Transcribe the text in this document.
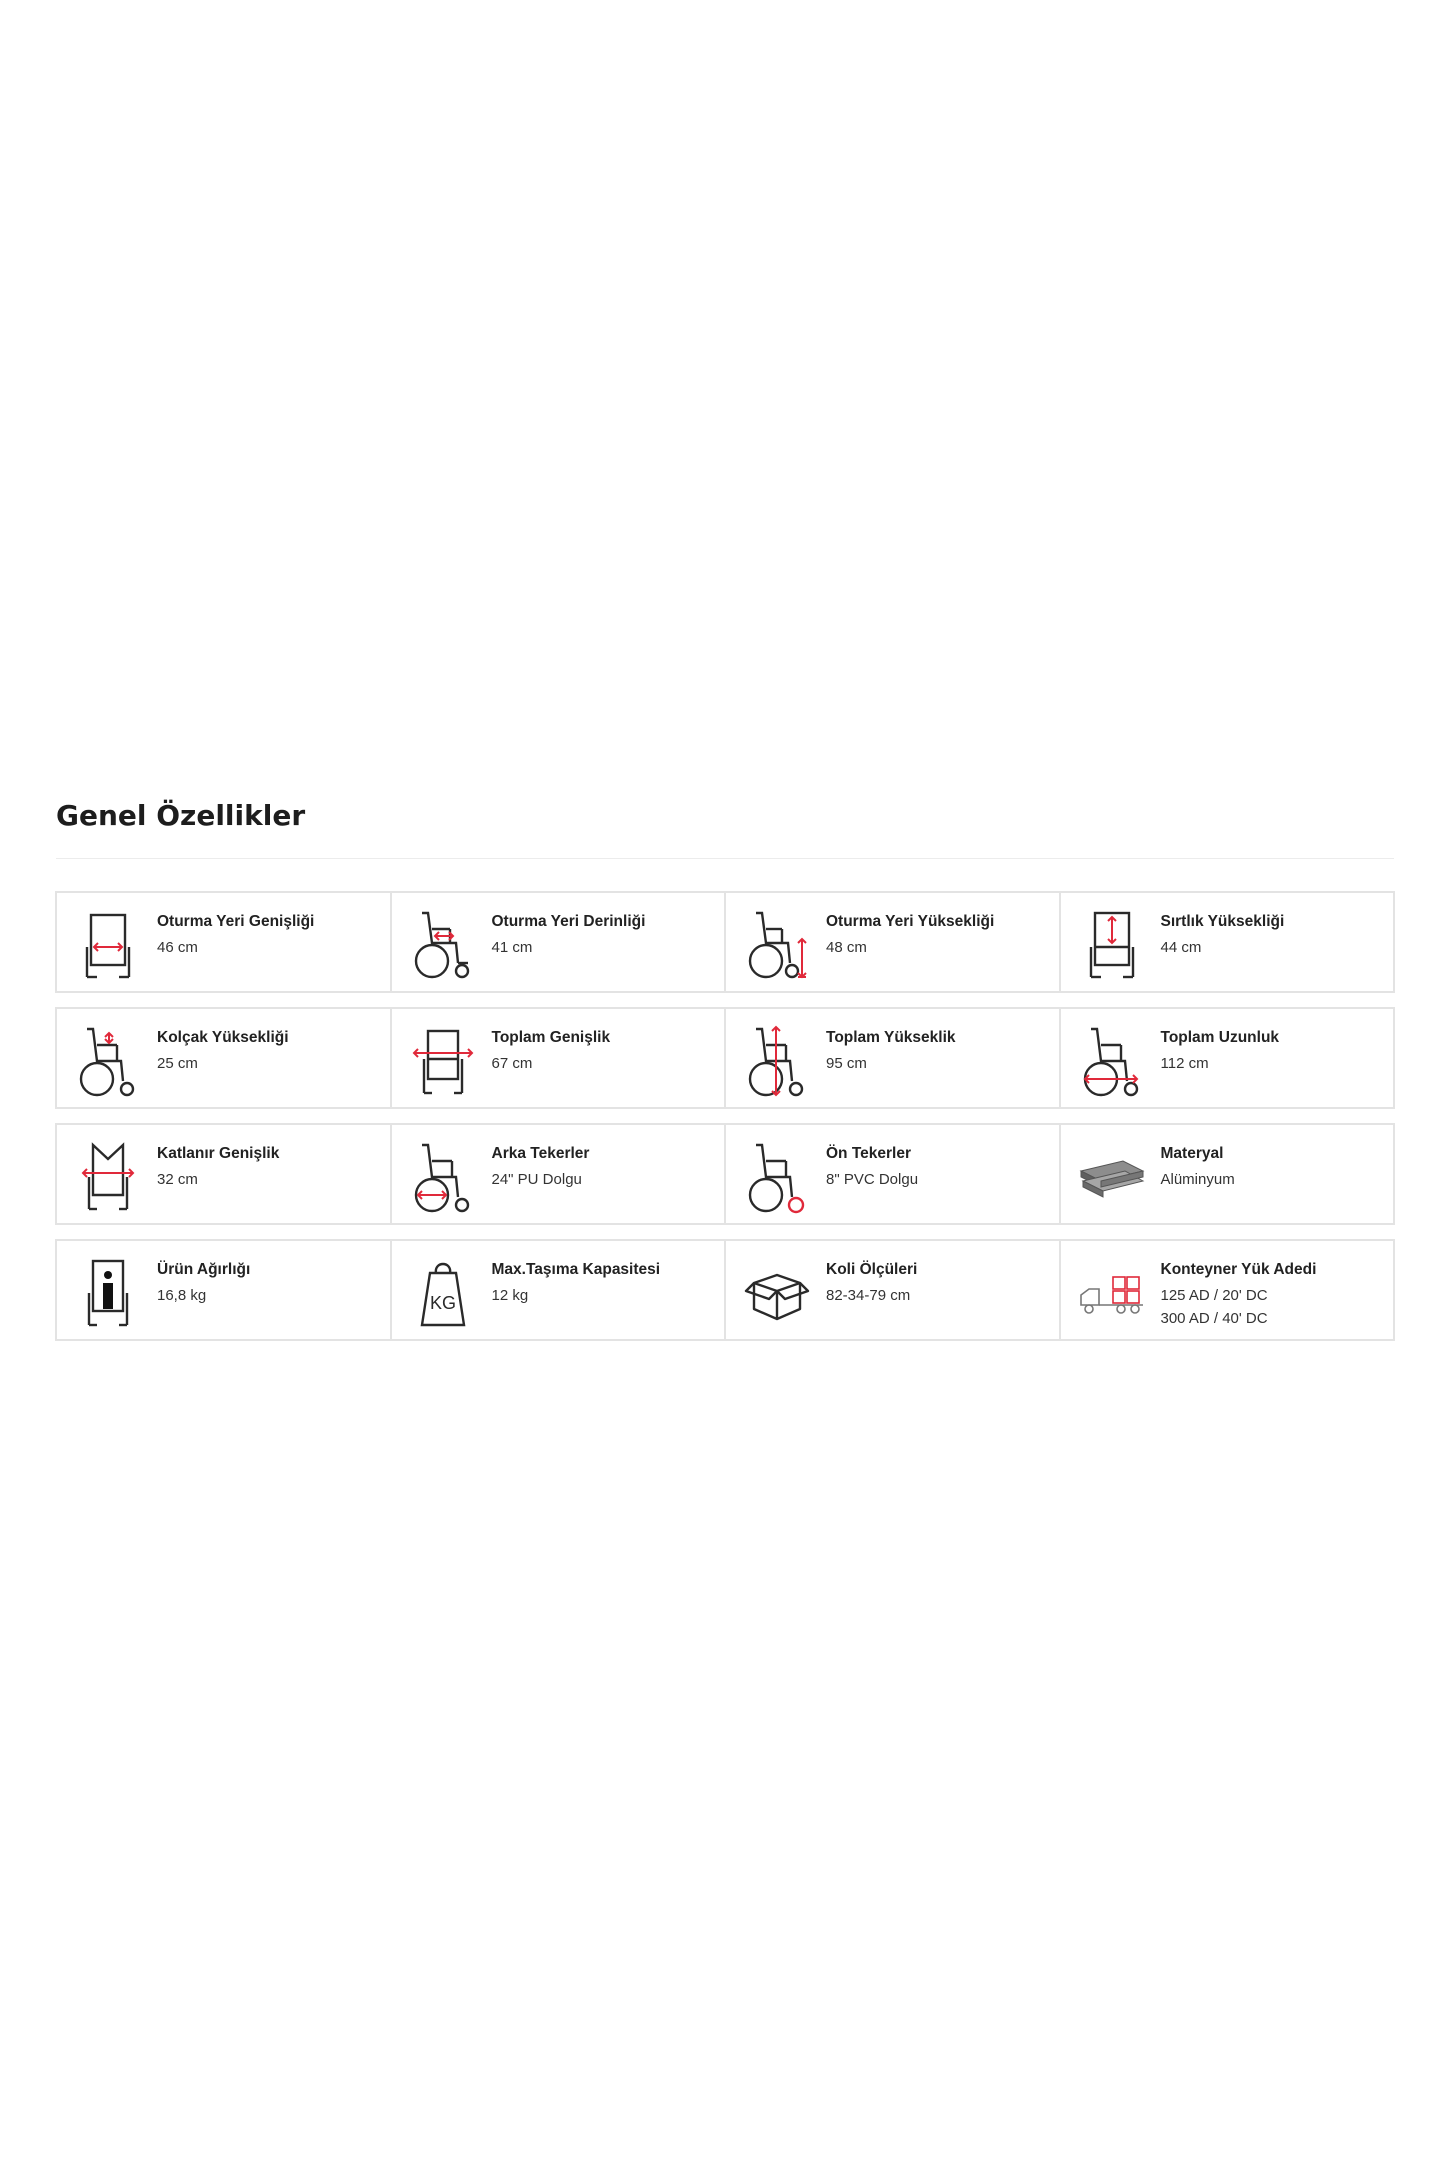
Genel Özellikler
Oturma Yeri Genişliği
46 cm
Oturma Yeri Derinliği
41 cm
Oturma Yeri Yüksekliği
48 cm
Sırtlık Yüksekliği
44 cm
Kolçak Yüksekliği
25 cm
Toplam Genişlik
67 cm
Toplam Yükseklik
95 cm
Toplam Uzunluk
112 cm
Katlanır Genişlik
32 cm
Arka Tekerler
24" PU Dolgu
Ön Tekerler
8" PVC Dolgu
Materyal
Alüminyum
Ürün Ağırlığı
16,8 kg	KG
Max.Taşıma Kapasitesi
12 kg
Koli Ölçüleri
82-34-79 cm
Konteyner Yük Adedi
125 AD / 20' DC
300 AD / 40' DC
